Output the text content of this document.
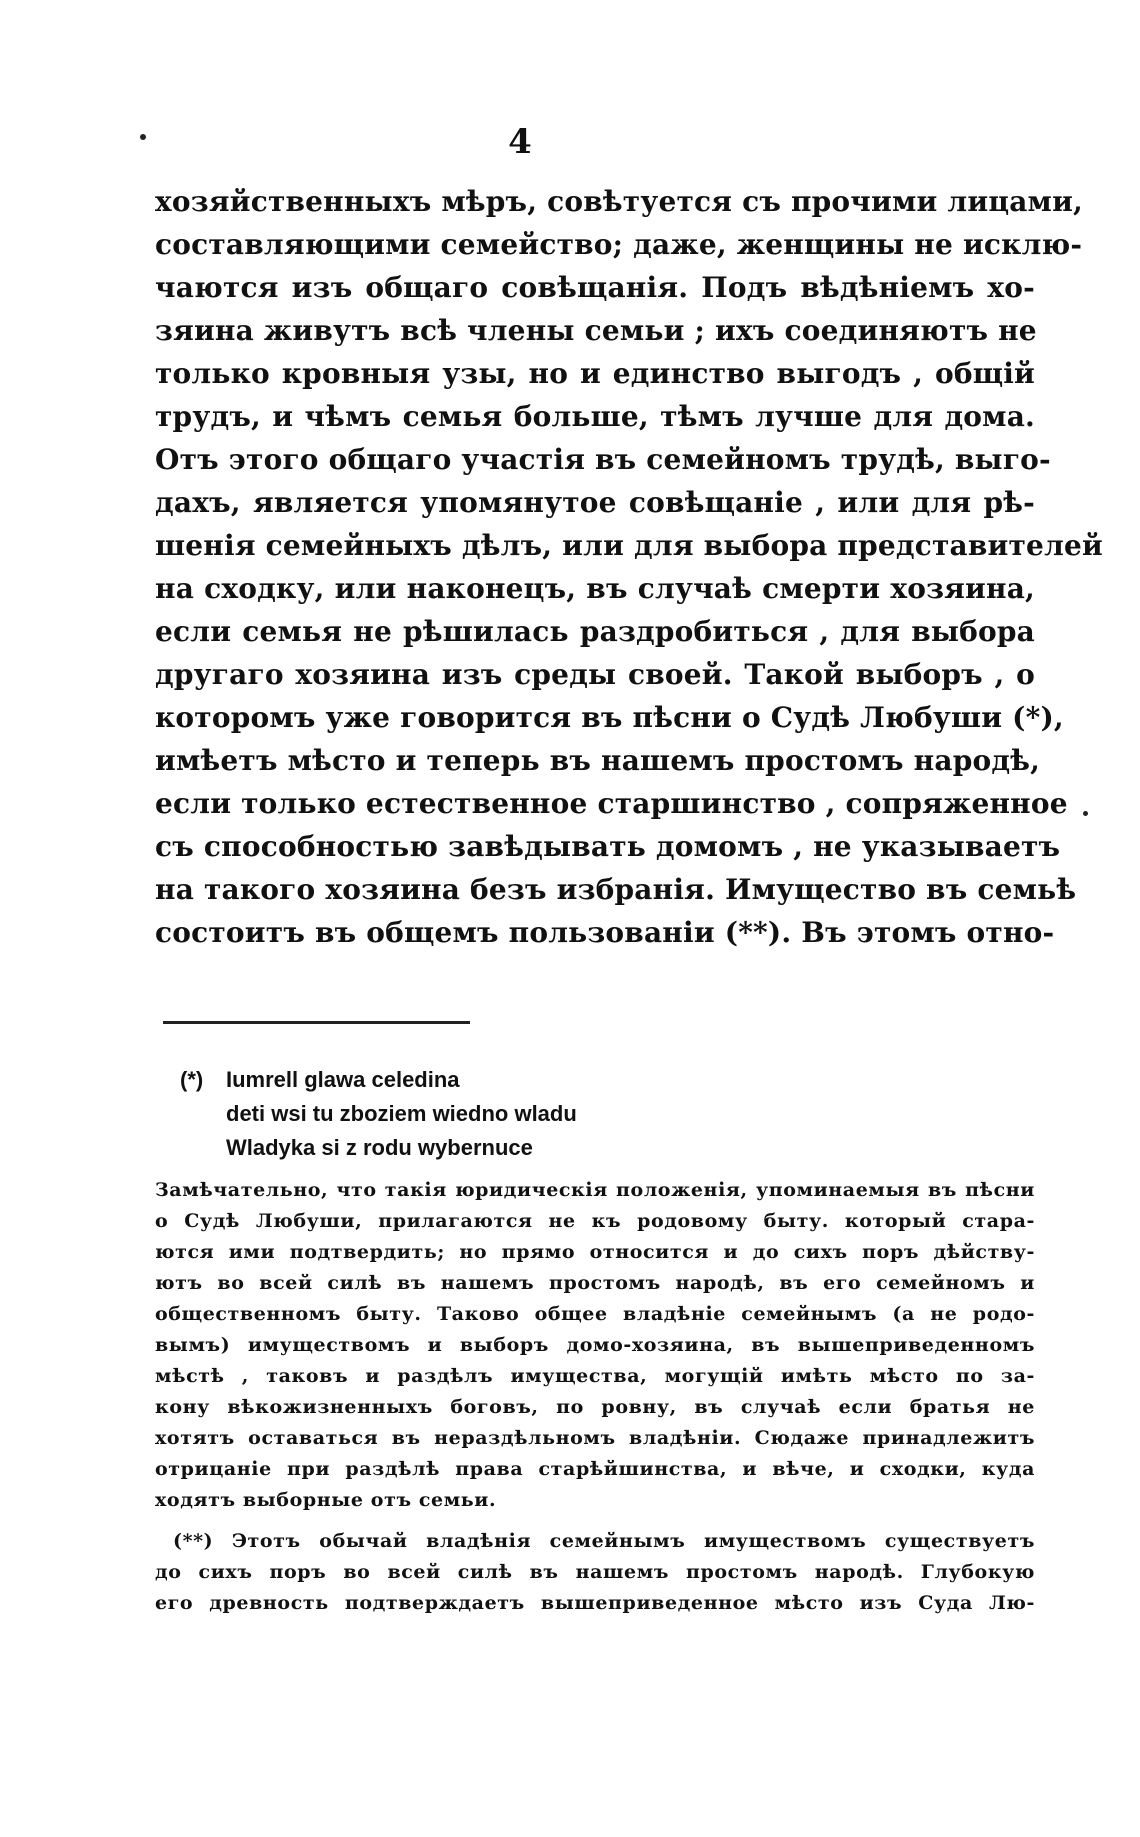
4
хозяйственныхъ мѣръ, совѣтуется съ прочими лицами,
составляющими семейство; даже, женщины не исклю-
чаются изъ общаго совѣщанія. Подъ вѣдѣніемъ хо-
зяина живутъ всѣ члены семьи ; ихъ соединяютъ не
только кровныя узы, но и единство выгодъ , общій
трудъ, и чѣмъ семья больше, тѣмъ лучше для дома.
Отъ этого общаго участія въ семейномъ трудѣ, выго-
дахъ, является упомянутое совѣщаніе , или для рѣ-
шенія семейныхъ дѣлъ, или для выбора представителей
на сходку, или наконецъ, въ случаѣ смерти хозяина,
если семья не рѣшилась раздробиться , для выбора
другаго хозяина изъ среды своей. Такой выборъ , о
которомъ уже говорится въ пѣсни о Судѣ Любуши (*),
имѣетъ мѣсто и теперь въ нашемъ простомъ народѣ,
если только естественное старшинство , сопряженное
съ способностью завѣдывать домомъ , не указываетъ
на такого хозяина безъ избранія. Имущество въ семьѣ
состоитъ въ общемъ пользованіи (**). Въ этомъ отно-
(*) Iumrell glawa celedina
deti wsi tu zboziem wiedno wladu
Wladyka si z rodu wybernuce
Замѣчательно, что такія юридическія положенія, упоминаемыя въ пѣсни
о Судѣ Любуши, прилагаются не къ родовому быту. который стара-
ются ими подтвердить; но прямо относится и до сихъ поръ дѣйству-
ютъ во всей силѣ въ нашемъ простомъ народѣ, въ его семейномъ и
общественномъ быту. Таково общее владѣніе семейнымъ (а не родо-
вымъ) имуществомъ и выборъ домо-хозяина, въ вышеприведенномъ
мѣстѣ , таковъ и раздѣлъ имущества, могущій имѣть мѣсто по за-
кону вѣкожизненныхъ боговъ, по ровну, въ случаѣ если братья не
хотятъ оставаться въ нераздѣльномъ владѣніи. Сюдаже принадлежитъ
отрицаніе при раздѣлѣ права старѣйшинства, и вѣче, и сходки, куда
ходятъ выборные отъ семьи.
(**) Этотъ обычай владѣнія семейнымъ имуществомъ существуетъ
до сихъ поръ во всей силѣ въ нашемъ простомъ народѣ. Глубокую
его древность подтверждаетъ вышеприведенное мѣсто изъ Суда Лю-
